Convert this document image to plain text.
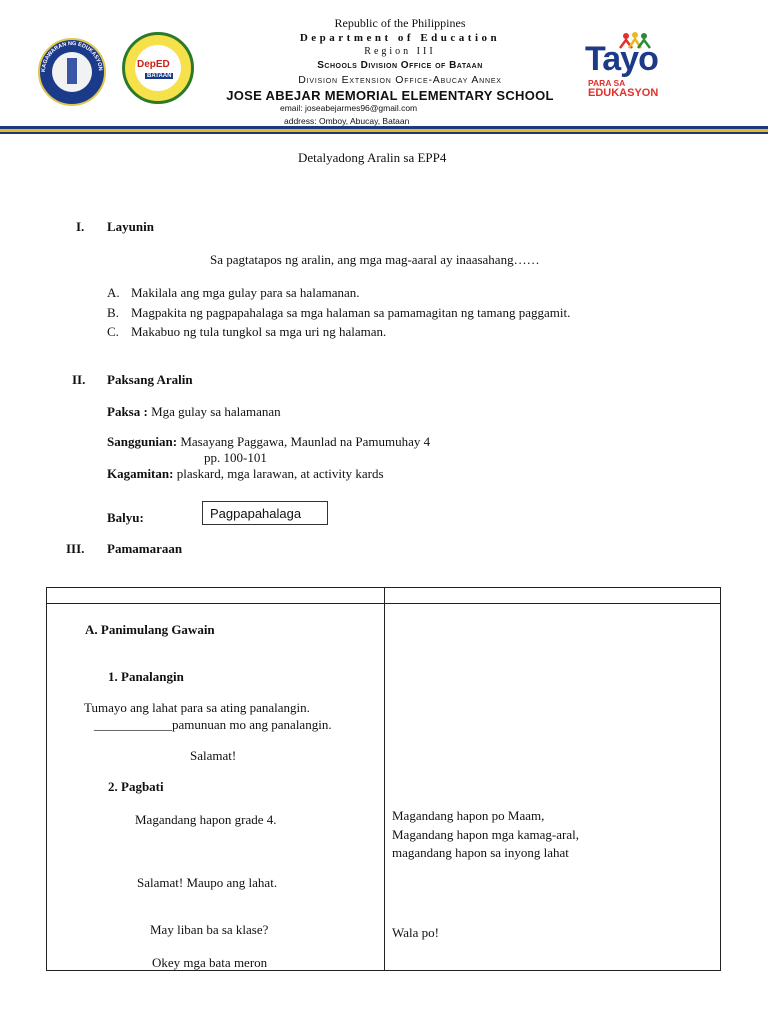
KAGAWARAN NG EDUKASYON	DepED
BATAAN
Republic of the Philippines
Department of Education
Region III
Schools Division Office of Bataan
Division Extension Office-Abucay Annex
JOSE ABEJAR MEMORIAL ELEMENTARY SCHOOL
email: joseabejarmes96@gmail.com
address: Omboy, Abucay, Bataan
Tayo
PARA SA
EDUKASYON
Detalyadong Aralin sa EPP4
I. Layunin
Sa pagtatapos ng aralin, ang mga mag-aaral ay inaasahang……
A. Makilala ang mga gulay para sa halamanan.
B. Magpakita ng pagpapahalaga sa mga halaman sa pamamagitan ng tamang paggamit.
C. Makabuo ng tula tungkol sa mga uri ng halaman.
II. Paksang Aralin
Paksa : Mga gulay sa halamanan
Sanggunian: Masayang Paggawa, Maunlad na Pamumuhay 4
pp. 100-101
Kagamitan: plaskard, mga larawan, at activity kards
Balyu:	Pagpapahalaga
III. Pamamaraan
A. Panimulang Gawain
1. Panalangin
Tumayo ang lahat para sa ating panalangin.
____________pamunuan mo ang panalangin.
Salamat!
2. Pagbati
Magandang hapon grade 4.
Salamat! Maupo ang lahat.
May liban ba sa klase?
Okey mga bata meron
Magandang hapon po Maam,
Magandang hapon mga kamag-aral,
magandang hapon sa inyong lahat
Wala po!
